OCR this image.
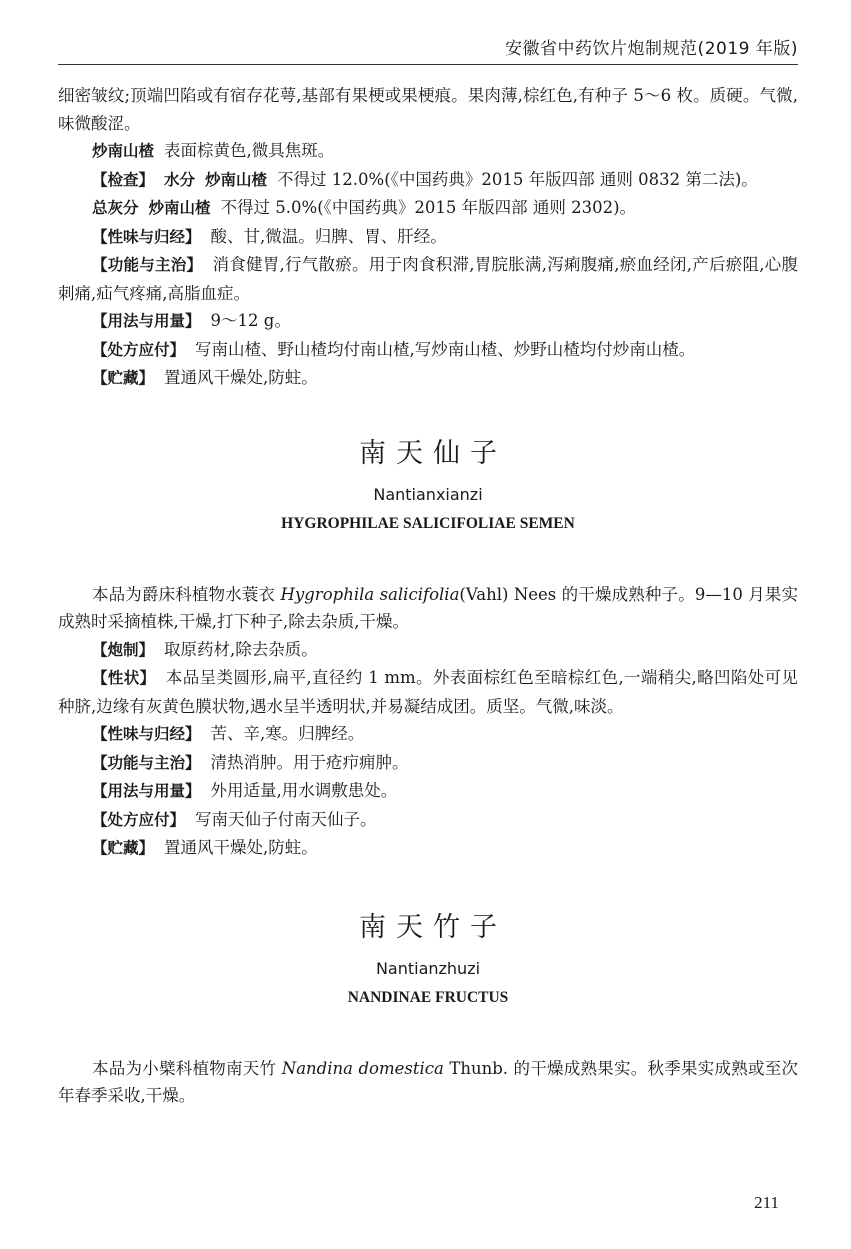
安徽省中药饮片炮制规范(2019 年版)

细密皱纹;顶端凹陷或有宿存花萼,基部有果梗或果梗痕。果肉薄,棕红色,有种子 5～6 枚。质硬。气微,味微酸涩。

炒南山楂 表面棕黄色,微具焦斑。

【检查】 水分 炒南山楂 不得过 12.0%(《中国药典》2015 年版四部 通则 0832 第二法)。

总灰分 炒南山楂 不得过 5.0%(《中国药典》2015 年版四部 通则 2302)。

【性味与归经】 酸、甘,微温。归脾、胃、肝经。

【功能与主治】 消食健胃,行气散瘀。用于肉食积滞,胃脘胀满,泻痢腹痛,瘀血经闭,产后瘀阻,心腹刺痛,疝气疼痛,高脂血症。

【用法与用量】 9～12 g。

【处方应付】 写南山楂、野山楂均付南山楂,写炒南山楂、炒野山楂均付炒南山楂。

【贮藏】 置通风干燥处,防蛀。

南天仙子
Nantianxianzi
HYGROPHILAE SALICIFOLIAE SEMEN

本品为爵床科植物水蓑衣 Hygrophila salicifolia(Vahl) Nees 的干燥成熟种子。9—10 月果实成熟时采摘植株,干燥,打下种子,除去杂质,干燥。

【炮制】 取原药材,除去杂质。

【性状】 本品呈类圆形,扁平,直径约 1 mm。外表面棕红色至暗棕红色,一端稍尖,略凹陷处可见种脐,边缘有灰黄色膜状物,遇水呈半透明状,并易凝结成团。质坚。气微,味淡。

【性味与归经】 苦、辛,寒。归脾经。

【功能与主治】 清热消肿。用于疮疖痈肿。

【用法与用量】 外用适量,用水调敷患处。

【处方应付】 写南天仙子付南天仙子。

【贮藏】 置通风干燥处,防蛀。

南天竹子
Nantianzhuzi
NANDINAE FRUCTUS

本品为小檗科植物南天竹 Nandina domestica Thunb. 的干燥成熟果实。秋季果实成熟或至次年春季采收,干燥。

211
